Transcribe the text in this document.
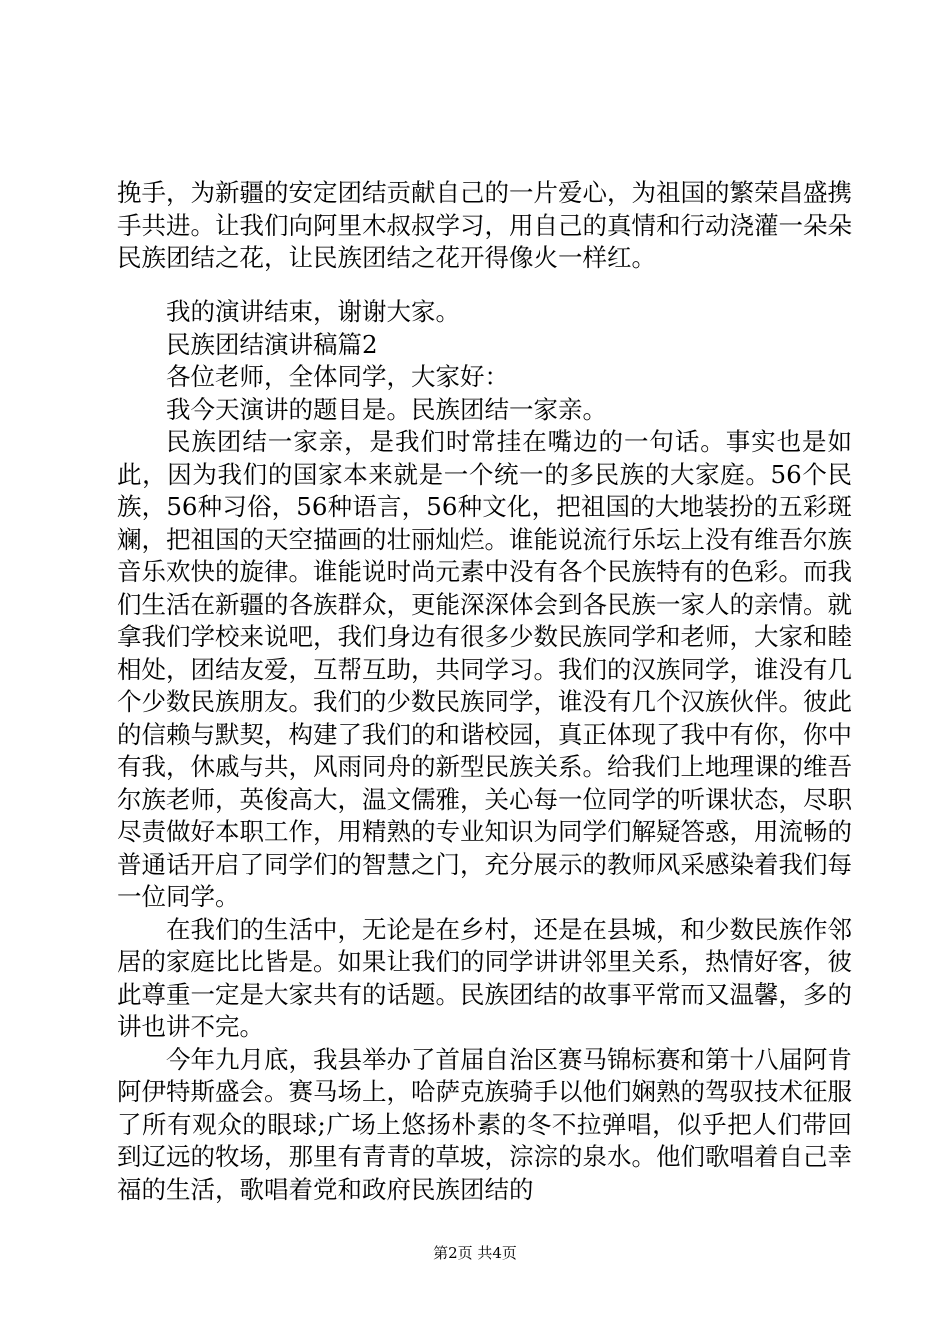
挽手，为新疆的安定团结贡献自己的一片爱心，为祖国的繁荣昌盛携手共进。让我们向阿里木叔叔学习，用自己的真情和行动浇灌一朵朵民族团结之花，让民族团结之花开得像火一样红。

我的演讲结束，谢谢大家。

民族团结演讲稿篇2

各位老师，全体同学，大家好：

我今天演讲的题目是。民族团结一家亲。

民族团结一家亲，是我们时常挂在嘴边的一句话。事实也是如此，因为我们的国家本来就是一个统一的多民族的大家庭。56个民族，56种习俗，56种语言，56种文化，把祖国的大地装扮的五彩斑斓，把祖国的天空描画的壮丽灿烂。谁能说流行乐坛上没有维吾尔族音乐欢快的旋律。谁能说时尚元素中没有各个民族特有的色彩。而我们生活在新疆的各族群众，更能深深体会到各民族一家人的亲情。就拿我们学校来说吧，我们身边有很多少数民族同学和老师，大家和睦相处，团结友爱，互帮互助，共同学习。我们的汉族同学，谁没有几个少数民族朋友。我们的少数民族同学，谁没有几个汉族伙伴。彼此的信赖与默契，构建了我们的和谐校园，真正体现了我中有你，你中有我，休戚与共，风雨同舟的新型民族关系。给我们上地理课的维吾尔族老师，英俊高大，温文儒雅，关心每一位同学的听课状态，尽职尽责做好本职工作，用精熟的专业知识为同学们解疑答惑，用流畅的普通话开启了同学们的智慧之门，充分展示的教师风采感染着我们每一位同学。

在我们的生活中，无论是在乡村，还是在县城，和少数民族作邻居的家庭比比皆是。如果让我们的同学讲讲邻里关系，热情好客，彼此尊重一定是大家共有的话题。民族团结的故事平常而又温馨，多的讲也讲不完。

今年九月底，我县举办了首届自治区赛马锦标赛和第十八届阿肯阿伊特斯盛会。赛马场上，哈萨克族骑手以他们娴熟的驾驭技术征服了所有观众的眼球;广场上悠扬朴素的冬不拉弹唱，似乎把人们带回到辽远的牧场，那里有青青的草坡，淙淙的泉水。他们歌唱着自己幸福的生活，歌唱着党和政府民族团结的

第2页 共4页
